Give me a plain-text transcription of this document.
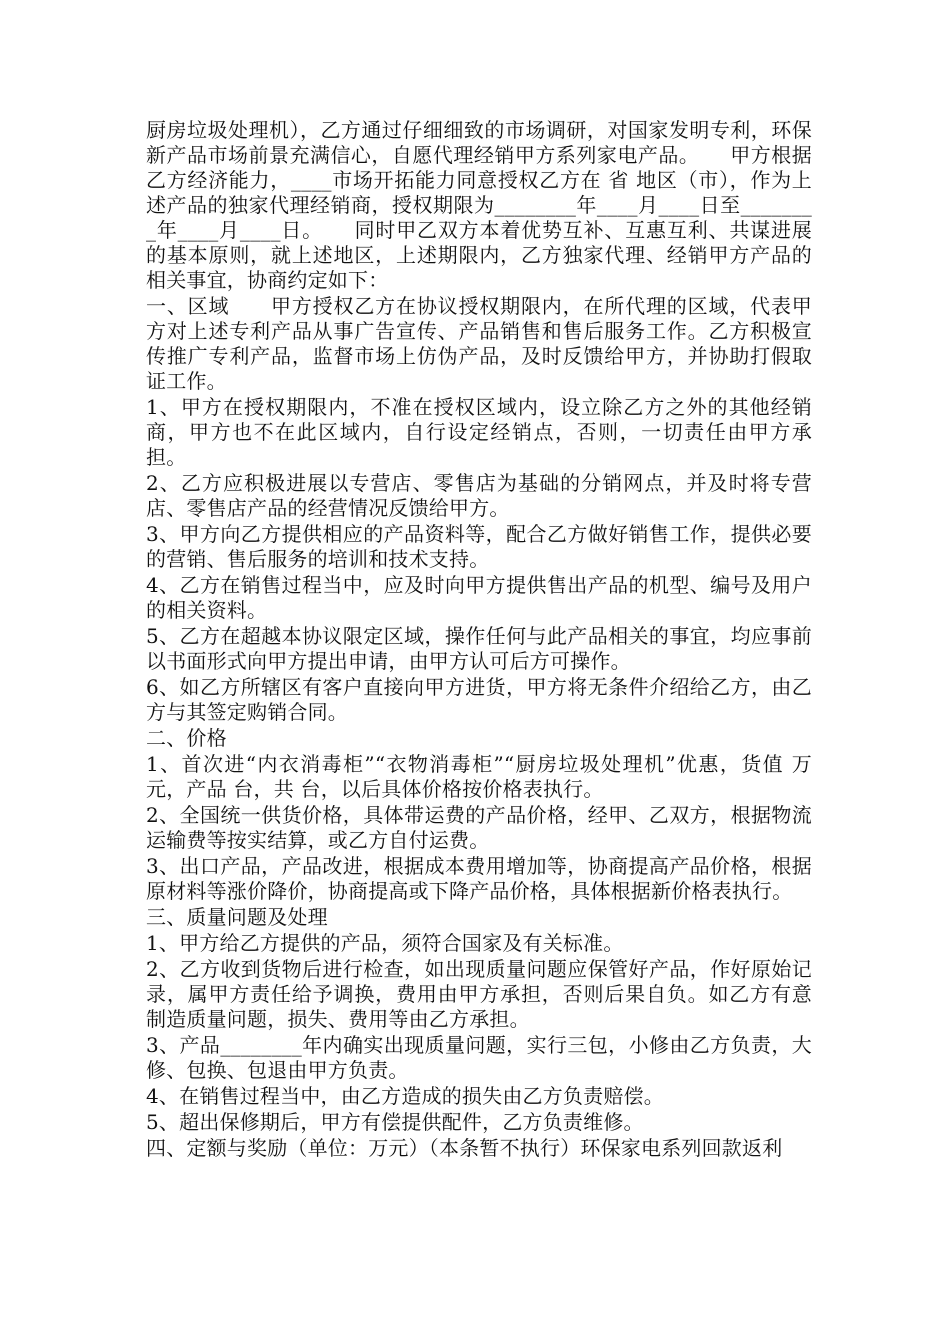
厨房垃圾处理机），乙方通过仔细细致的市场调研，对国家发明专利，环保新产品市场前景充满信心，自愿代理经销甲方系列家电产品。　　甲方根据乙方经济能力，____市场开拓能力同意授权乙方在 省 地区（市），作为上述产品的独家代理经销商，授权期限为________年____月____日至________年____月____日。　　同时甲乙双方本着优势互补、互惠互利、共谋进展的基本原则，就上述地区，上述期限内，乙方独家代理、经销甲方产品的相关事宜，协商约定如下：

一、区域　　甲方授权乙方在协议授权期限内，在所代理的区域，代表甲方对上述专利产品从事广告宣传、产品销售和售后服务工作。乙方积极宣传推广专利产品，监督市场上仿伪产品，及时反馈给甲方，并协助打假取证工作。

1、甲方在授权期限内，不准在授权区域内，设立除乙方之外的其他经销商，甲方也不在此区域内，自行设定经销点，否则，一切责任由甲方承担。

2、乙方应积极进展以专营店、零售店为基础的分销网点，并及时将专营店、零售店产品的经营情况反馈给甲方。

3、甲方向乙方提供相应的产品资料等，配合乙方做好销售工作，提供必要的营销、售后服务的培训和技术支持。

4、乙方在销售过程当中，应及时向甲方提供售出产品的机型、编号及用户的相关资料。

5、乙方在超越本协议限定区域，操作任何与此产品相关的事宜，均应事前以书面形式向甲方提出申请，由甲方认可后方可操作。

6、如乙方所辖区有客户直接向甲方进货，甲方将无条件介绍给乙方，由乙方与其签定购销合同。

二、价格

1、首次进“内衣消毒柜”“衣物消毒柜”“厨房垃圾处理机”优惠，货值 万元，产品 台，共 台，以后具体价格按价格表执行。

2、全国统一供货价格，具体带运费的产品价格，经甲、乙双方，根据物流运输费等按实结算，或乙方自付运费。

3、出口产品，产品改进，根据成本费用增加等，协商提高产品价格，根据原材料等涨价降价，协商提高或下降产品价格，具体根据新价格表执行。

三、质量问题及处理

1、甲方给乙方提供的产品，须符合国家及有关标准。

2、乙方收到货物后进行检查，如出现质量问题应保管好产品，作好原始记录，属甲方责任给予调换，费用由甲方承担，否则后果自负。如乙方有意制造质量问题，损失、费用等由乙方承担。

3、产品________年内确实出现质量问题，实行三包，小修由乙方负责，大修、包换、包退由甲方负责。

4、在销售过程当中，由乙方造成的损失由乙方负责赔偿。

5、超出保修期后，甲方有偿提供配件，乙方负责维修。

四、定额与奖励（单位：万元）（本条暂不执行）环保家电系列回款返利
